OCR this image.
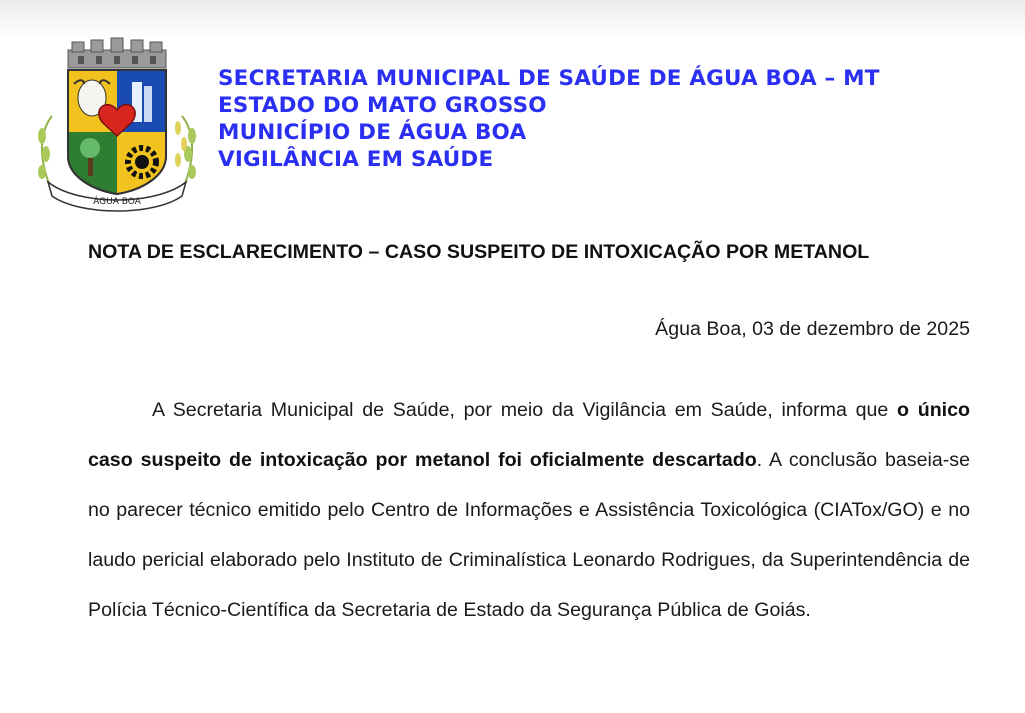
ÁGUA BOA
SECRETARIA MUNICIPAL DE SAÚDE DE ÁGUA BOA – MT
ESTADO DO MATO GROSSO
MUNICÍPIO DE ÁGUA BOA
VIGILÂNCIA EM SAÚDE
NOTA DE ESCLARECIMENTO – CASO SUSPEITO DE INTOXICAÇÃO POR METANOL
Água Boa, 03 de dezembro de 2025
A Secretaria Municipal de Saúde, por meio da Vigilância em Saúde, informa que o único caso suspeito de intoxicação por metanol foi oficialmente descartado. A conclusão baseia-se no parecer técnico emitido pelo Centro de Informações e Assistência Toxicológica (CIATox/GO) e no laudo pericial elaborado pelo Instituto de Criminalística Leonardo Rodrigues, da Superintendência de Polícia Técnico-Científica da Secretaria de Estado da Segurança Pública de Goiás.
